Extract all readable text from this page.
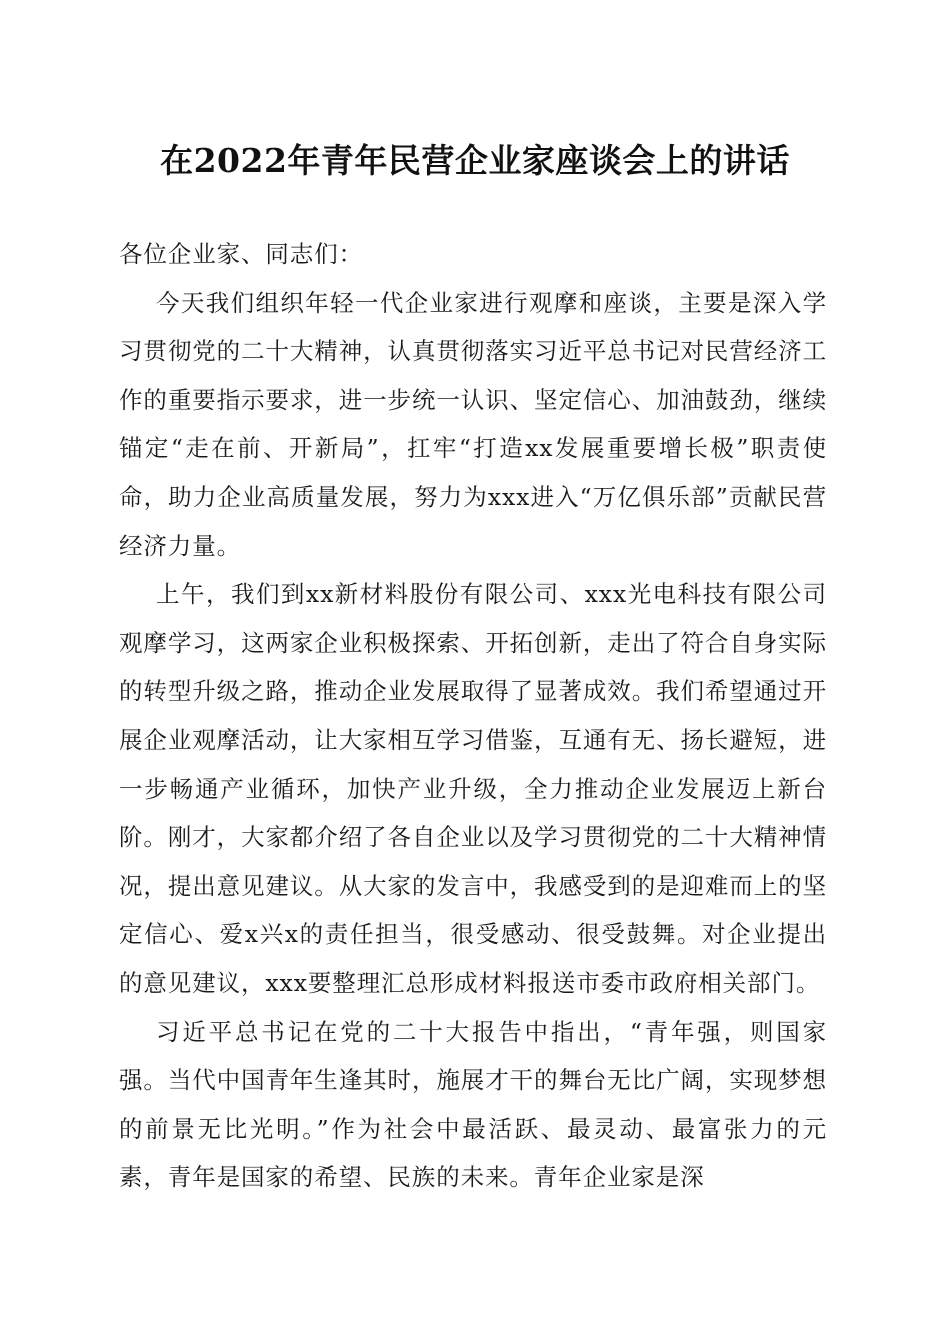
在2022年青年民营企业家座谈会上的讲话

各位企业家、同志们：

今天我们组织年轻一代企业家进行观摩和座谈，主要是深入学习贯彻党的二十大精神，认真贯彻落实习近平总书记对民营经济工作的重要指示要求，进一步统一认识、坚定信心、加油鼓劲，继续锚定“走在前、开新局”，扛牢“打造xx发展重要增长极”职责使命，助力企业高质量发展，努力为xxx进入“万亿俱乐部”贡献民营经济力量。

上午，我们到xx新材料股份有限公司、xxx光电科技有限公司观摩学习，这两家企业积极探索、开拓创新，走出了符合自身实际的转型升级之路，推动企业发展取得了显著成效。我们希望通过开展企业观摩活动，让大家相互学习借鉴，互通有无、扬长避短，进一步畅通产业循环，加快产业升级，全力推动企业发展迈上新台阶。刚才，大家都介绍了各自企业以及学习贯彻党的二十大精神情况，提出意见建议。从大家的发言中，我感受到的是迎难而上的坚定信心、爱x兴x的责任担当，很受感动、很受鼓舞。对企业提出的意见建议，xxx要整理汇总形成材料报送市委市政府相关部门。

习近平总书记在党的二十大报告中指出，“青年强，则国家强。当代中国青年生逢其时，施展才干的舞台无比广阔，实现梦想的前景无比光明。”作为社会中最活跃、最灵动、最富张力的元素，青年是国家的希望、民族的未来。青年企业家是深
